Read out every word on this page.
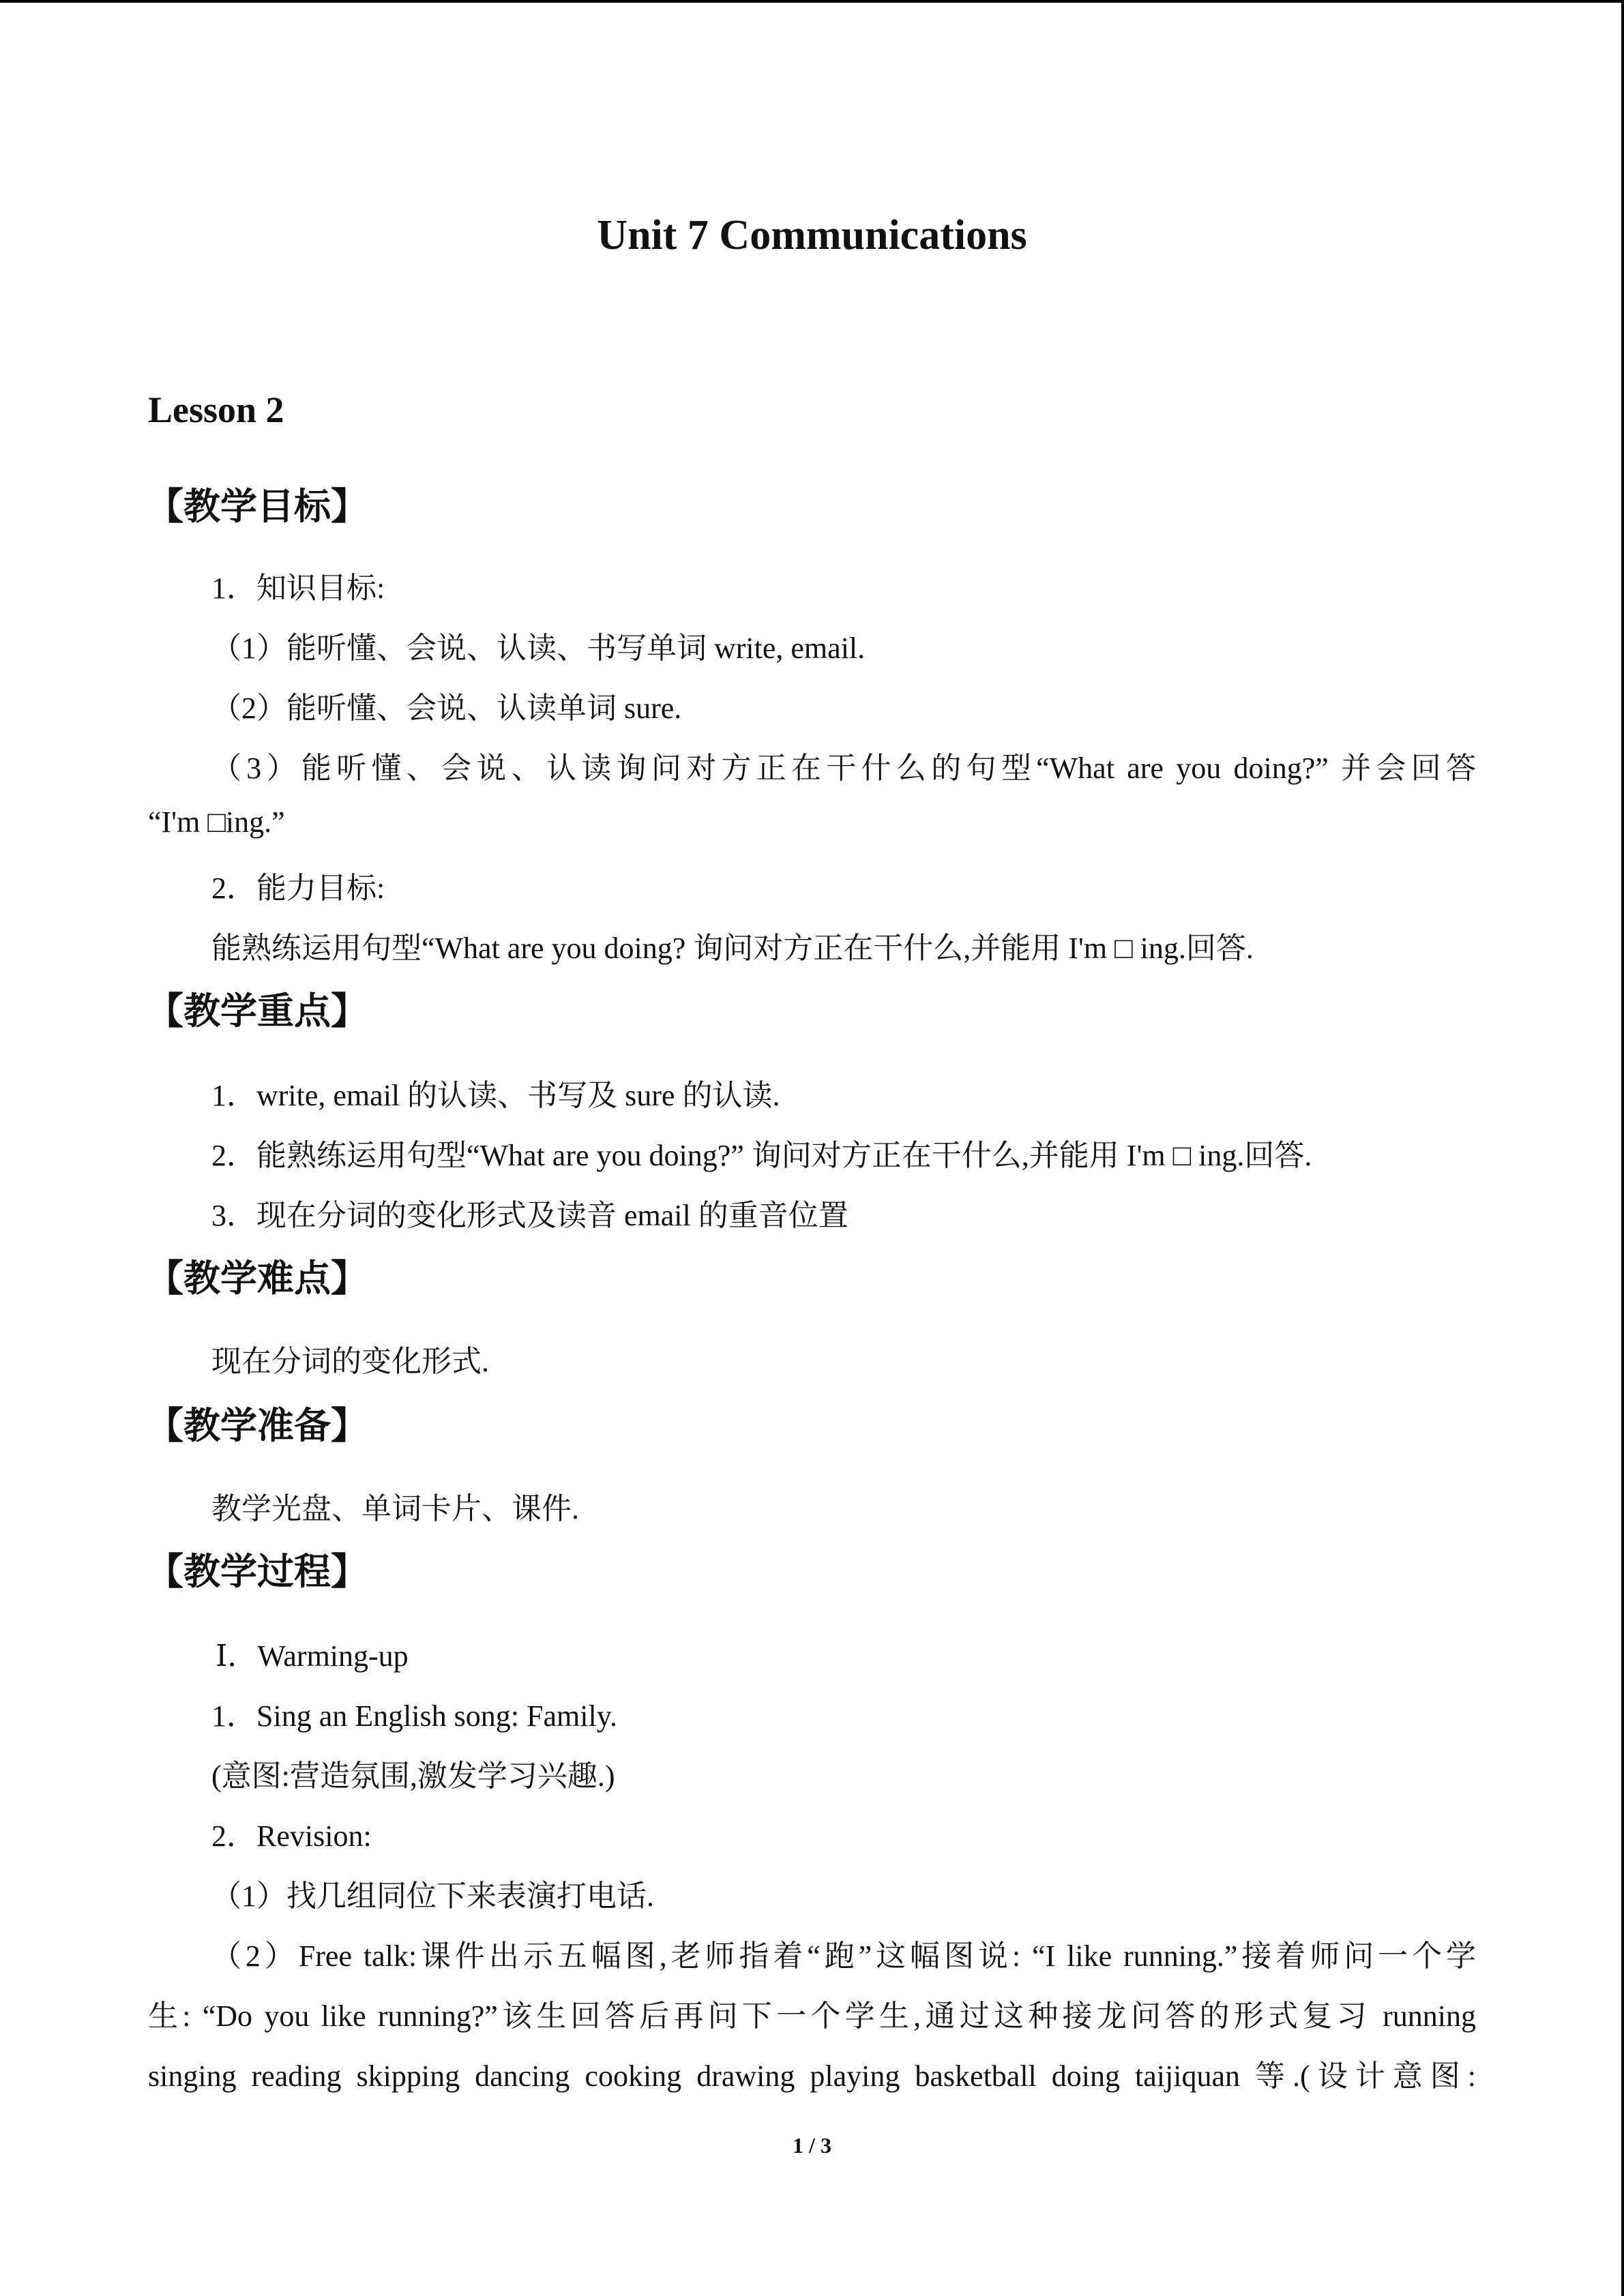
Unit 7 Communications
Lesson 2
【教学目标】
1．知识目标:
（1）能听懂、会说、认读、书写单词 write, email.
（2）能听懂、会说、认读单词 sure.
（3）能听懂、会说、认读询问对方正在干什么的句型“What are you doing?” 并会回答
“I'm □ing.”
2．能力目标:
能熟练运用句型“What are you doing? 询问对方正在干什么,并能用 I'm □ ing.回答.
【教学重点】
1．write, email 的认读、书写及 sure 的认读.
2．能熟练运用句型“What are you doing?” 询问对方正在干什么,并能用 I'm □ ing.回答.
3．现在分词的变化形式及读音 email 的重音位置
【教学难点】
现在分词的变化形式.
【教学准备】
教学光盘、单词卡片、课件.
【教学过程】
Ⅰ．Warming-up
1．Sing an English song: Family.
(意图:营造氛围,激发学习兴趣.)
2．Revision:
（1）找几组同位下来表演打电话.
（2）Free talk:课件出示五幅图,老师指着“跑”这幅图说: “I like running.”接着师问一个学
生: “Do you like running?”该生回答后再问下一个学生,通过这种接龙问答的形式复习 running
singing reading skipping dancing cooking drawing playing basketball doing taijiquan 等.(设计意图:
1 / 3
